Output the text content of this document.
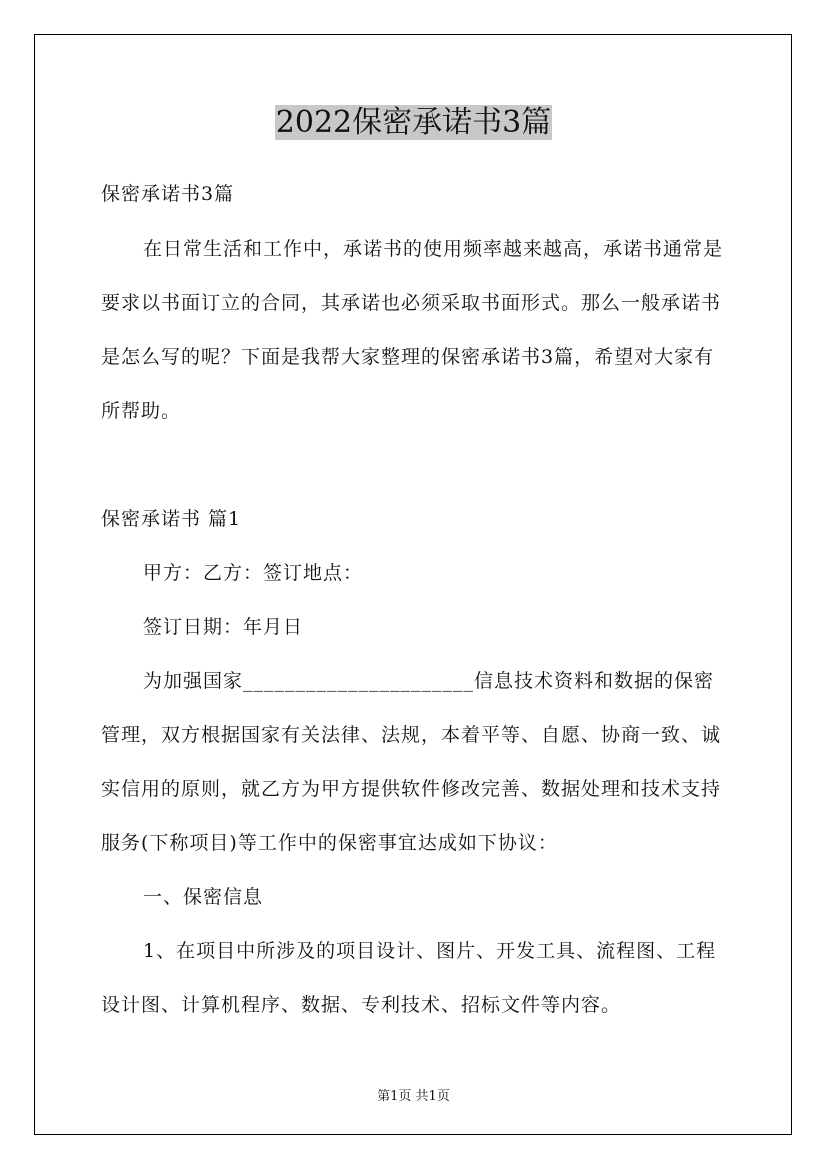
2022保密承诺书3篇

保密承诺书3篇

在日常生活和工作中，承诺书的使用频率越来越高，承诺书通常是要求以书面订立的合同，其承诺也必须采取书面形式。那么一般承诺书是怎么写的呢？下面是我帮大家整理的保密承诺书3篇，希望对大家有所帮助。

保密承诺书 篇1

甲方：乙方：签订地点：

签订日期：年月日

为加强国家______________________信息技术资料和数据的保密管理，双方根据国家有关法律、法规，本着平等、自愿、协商一致、诚实信用的原则，就乙方为甲方提供软件修改完善、数据处理和技术支持服务(下称项目)等工作中的保密事宜达成如下协议：

一、保密信息

1、在项目中所涉及的项目设计、图片、开发工具、流程图、工程设计图、计算机程序、数据、专利技术、招标文件等内容。

第1页 共1页
